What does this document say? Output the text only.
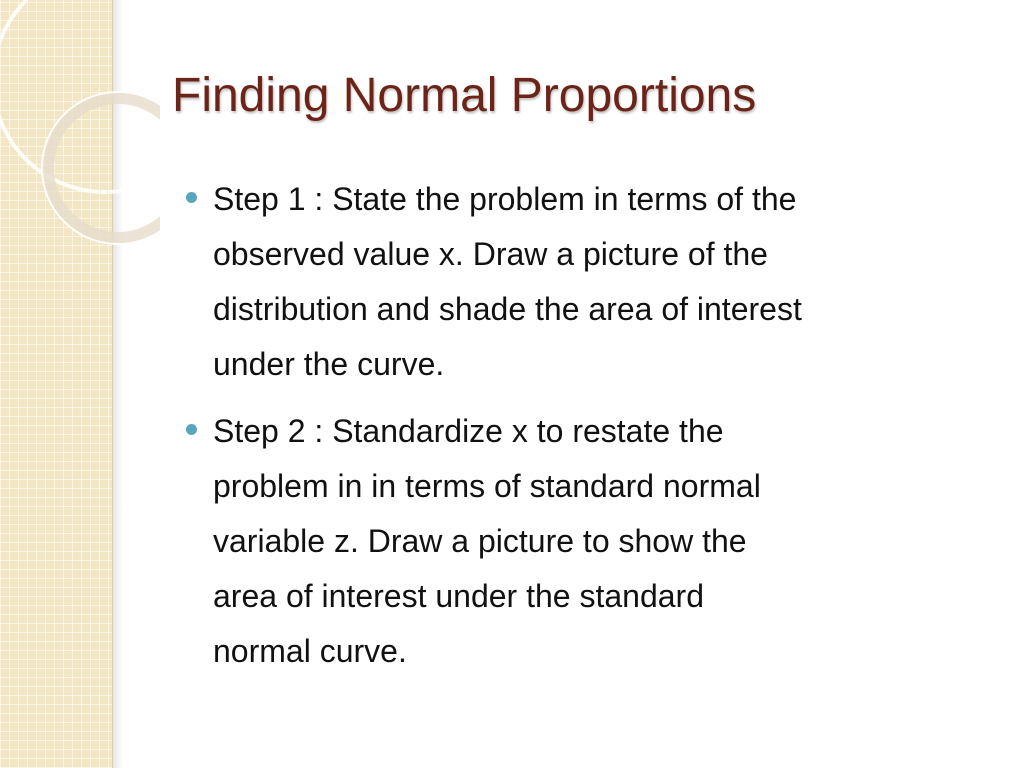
Finding Normal Proportions
Step 1 : State the problem in terms of the
observed value x. Draw a picture of the
distribution and shade the area of interest
under the curve.
Step 2 : Standardize x to restate the
problem in in terms of standard normal
variable z. Draw a picture to show the
area of interest under the standard
normal curve.
